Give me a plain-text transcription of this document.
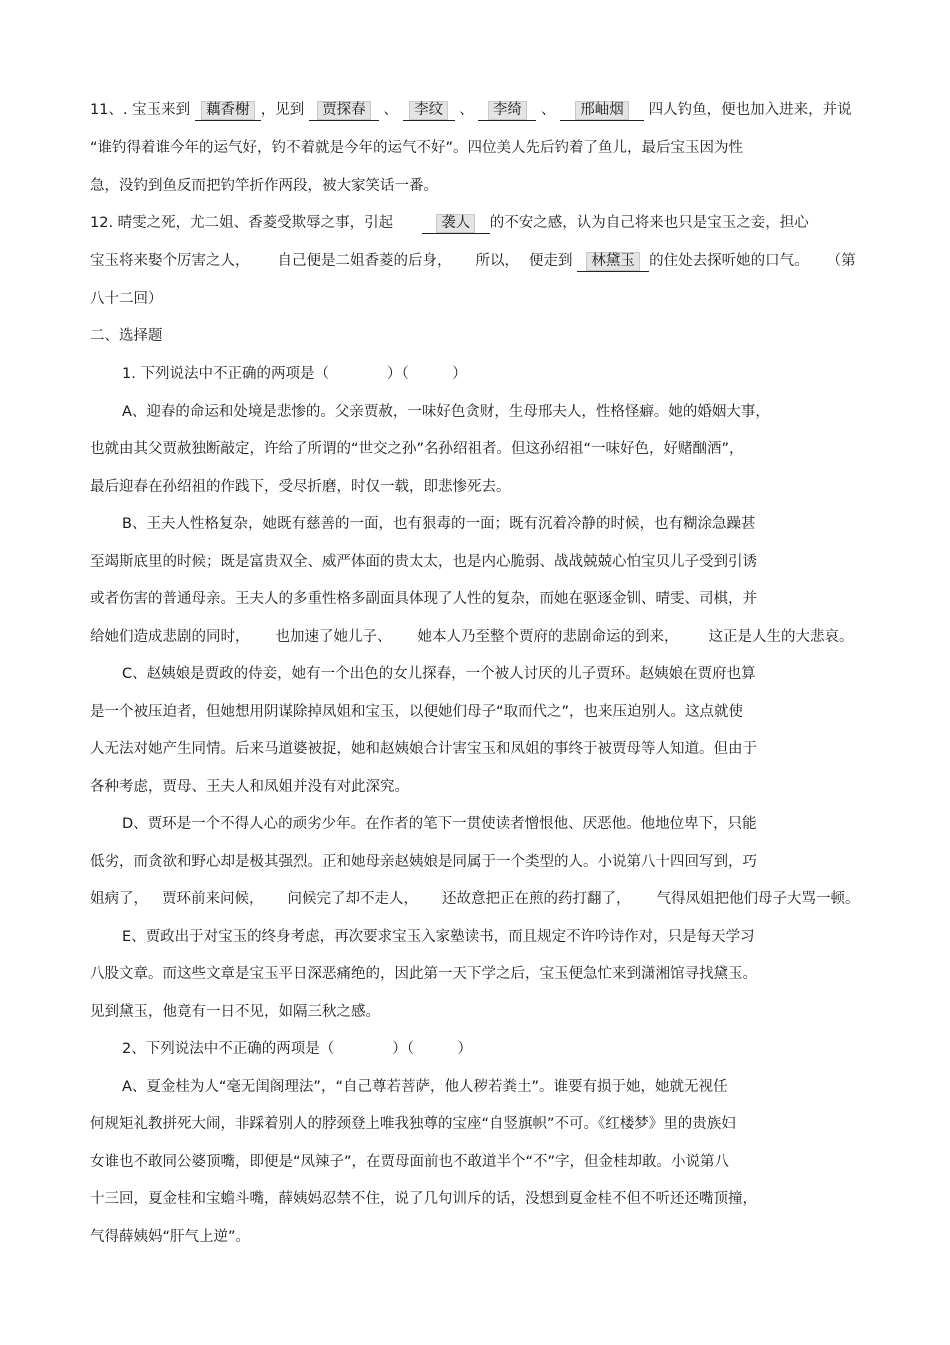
11、. 宝玉来到 藕香榭 ，见到 贾探春 、 李纹 、 李绮 、 邢岫烟 四人钓鱼，便也加入进来，并说
“谁钓得着谁今年的运气好，钓不着就是今年的运气不好”。四位美人先后钓着了鱼儿，最后宝玉因为性
急，没钓到鱼反而把钓竿折作两段，被大家笑话一番。
12. 晴雯之死，尤二姐、香菱受欺辱之事，引起	袭人 的不安之感，认为自己将来也只是宝玉之妾，担心
宝玉将来娶个厉害之人， 自己便是二姐香菱的后身， 所以， 便走到 林黛玉 的住处去探听她的口气。 （第
八十二回）
二、选择题
1. 下列说法中不正确的两项是（　　　　）（　　　）
A、迎春的命运和处境是悲惨的。父亲贾赦，一味好色贪财，生母邢夫人，性格怪癖。她的婚姻大事，
也就由其父贾赦独断敲定，许给了所谓的“世交之孙”名孙绍祖者。但这孙绍祖“一味好色，好赌酗酒”，
最后迎春在孙绍祖的作践下，受尽折磨，时仅一载，即悲惨死去。
B、王夫人性格复杂，她既有慈善的一面，也有狠毒的一面；既有沉着冷静的时候，也有糊涂急躁甚
至竭斯底里的时候；既是富贵双全、威严体面的贵太太，也是内心脆弱、战战兢兢心怕宝贝儿子受到引诱
或者伤害的普通母亲。王夫人的多重性格多副面具体现了人性的复杂，而她在驱逐金钏、晴雯、司棋，并
给她们造成悲剧的同时， 也加速了她儿子、 她本人乃至整个贾府的悲剧命运的到来， 这正是人生的大悲哀。
C、赵姨娘是贾政的侍妾，她有一个出色的女儿探春，一个被人讨厌的儿子贾环。赵姨娘在贾府也算
是一个被压迫者，但她想用阴谋除掉凤姐和宝玉，以便她们母子“取而代之”，也来压迫别人。这点就使
人无法对她产生同情。后来马道婆被捉，她和赵姨娘合计害宝玉和凤姐的事终于被贾母等人知道。但由于
各种考虑，贾母、王夫人和凤姐并没有对此深究。
D、贾环是一个不得人心的顽劣少年。在作者的笔下一贯使读者憎恨他、厌恶他。他地位卑下，只能
低劣，而贪欲和野心却是极其强烈。正和她母亲赵姨娘是同属于一个类型的人。小说第八十四回写到，巧
姐病了， 贾环前来问候， 问候完了却不走人， 还故意把正在煎的药打翻了， 气得凤姐把他们母子大骂一顿。
E、贾政出于对宝玉的终身考虑，再次要求宝玉入家塾读书，而且规定不许吟诗作对，只是每天学习
八股文章。而这些文章是宝玉平日深恶痛绝的，因此第一天下学之后，宝玉便急忙来到潇湘馆寻找黛玉。
见到黛玉，他竟有一日不见，如隔三秋之感。
2、下列说法中不正确的两项是（　　　　）（　　　）
A、夏金桂为人“毫无闺阁理法”，“自己尊若菩萨，他人秽若粪土”。谁要有损于她，她就无视任
何规矩礼教拼死大闹，非踩着别人的脖颈登上唯我独尊的宝座“自竖旗帜”不可。《红楼梦》里的贵族妇
女谁也不敢同公婆顶嘴，即便是“凤辣子”，在贾母面前也不敢道半个“不”字，但金桂却敢。小说第八
十三回，夏金桂和宝蟾斗嘴，薛姨妈忍禁不住，说了几句训斥的话，没想到夏金桂不但不听还还嘴顶撞，
气得薛姨妈“肝气上逆”。
